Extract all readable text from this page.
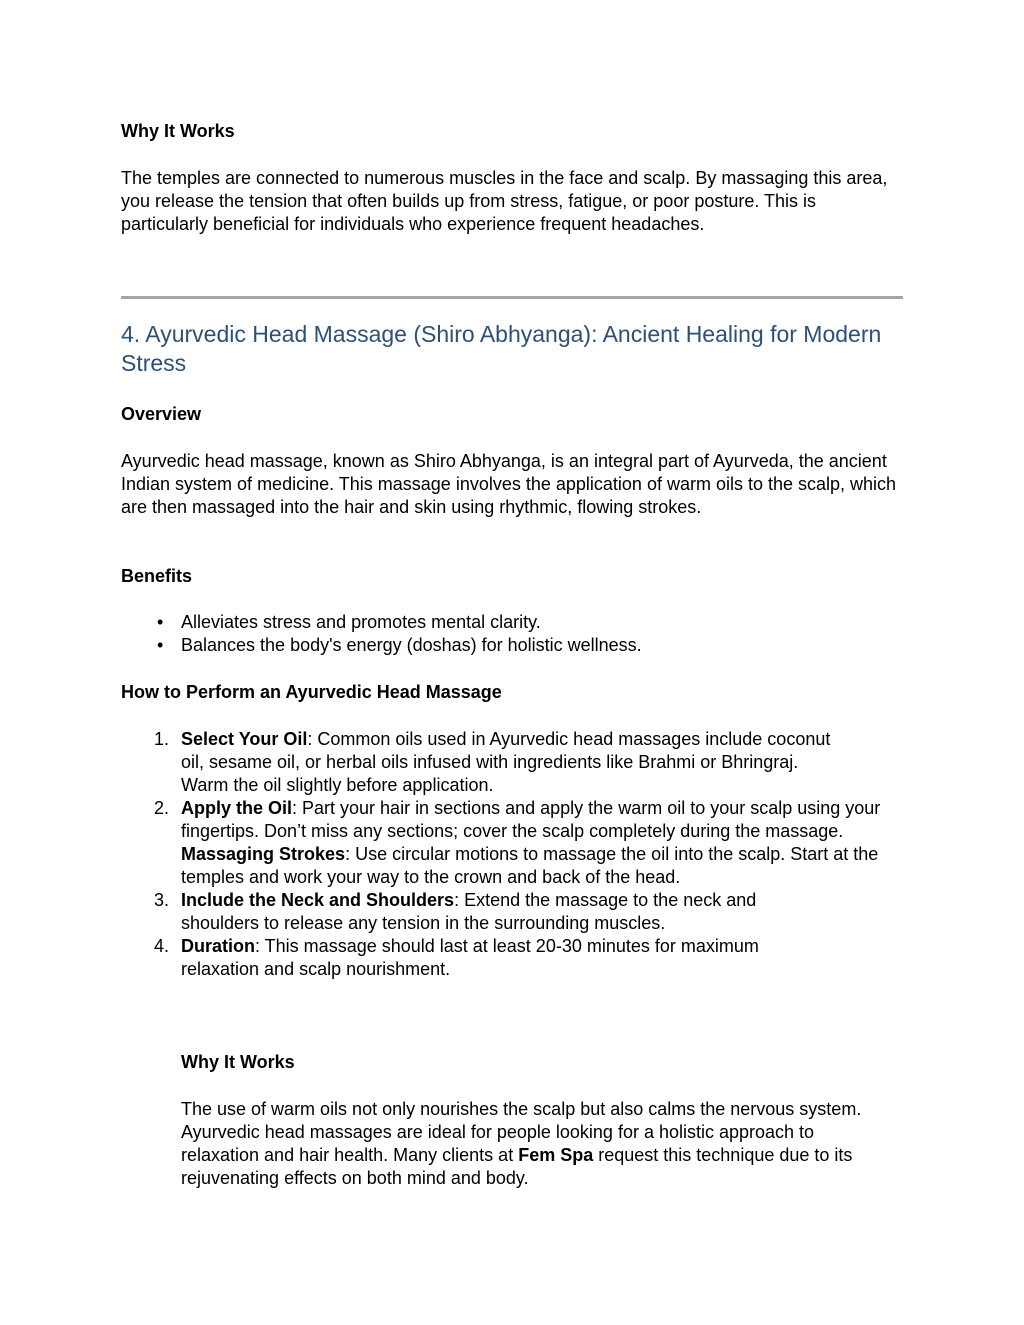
Why It Works

The temples are connected to numerous muscles in the face and scalp. By massaging this area, you release the tension that often builds up from stress, fatigue, or poor posture. This is particularly beneficial for individuals who experience frequent headaches.

4. Ayurvedic Head Massage (Shiro Abhyanga): Ancient Healing for Modern Stress

Overview

Ayurvedic head massage, known as Shiro Abhyanga, is an integral part of Ayurveda, the ancient Indian system of medicine. This massage involves the application of warm oils to the scalp, which are then massaged into the hair and skin using rhythmic, flowing strokes.

Benefits

• Alleviates stress and promotes mental clarity.
• Balances the body's energy (doshas) for holistic wellness.

How to Perform an Ayurvedic Head Massage

1. Select Your Oil: Common oils used in Ayurvedic head massages include coconut oil, sesame oil, or herbal oils infused with ingredients like Brahmi or Bhringraj. Warm the oil slightly before application.
2. Apply the Oil: Part your hair in sections and apply the warm oil to your scalp using your fingertips. Don’t miss any sections; cover the scalp completely during the massage.
Massaging Strokes: Use circular motions to massage the oil into the scalp. Start at the temples and work your way to the crown and back of the head.
3. Include the Neck and Shoulders: Extend the massage to the neck and shoulders to release any tension in the surrounding muscles.
4. Duration: This massage should last at least 20-30 minutes for maximum relaxation and scalp nourishment.

Why It Works

The use of warm oils not only nourishes the scalp but also calms the nervous system. Ayurvedic head massages are ideal for people looking for a holistic approach to relaxation and hair health. Many clients at Fem Spa request this technique due to its rejuvenating effects on both mind and body.
